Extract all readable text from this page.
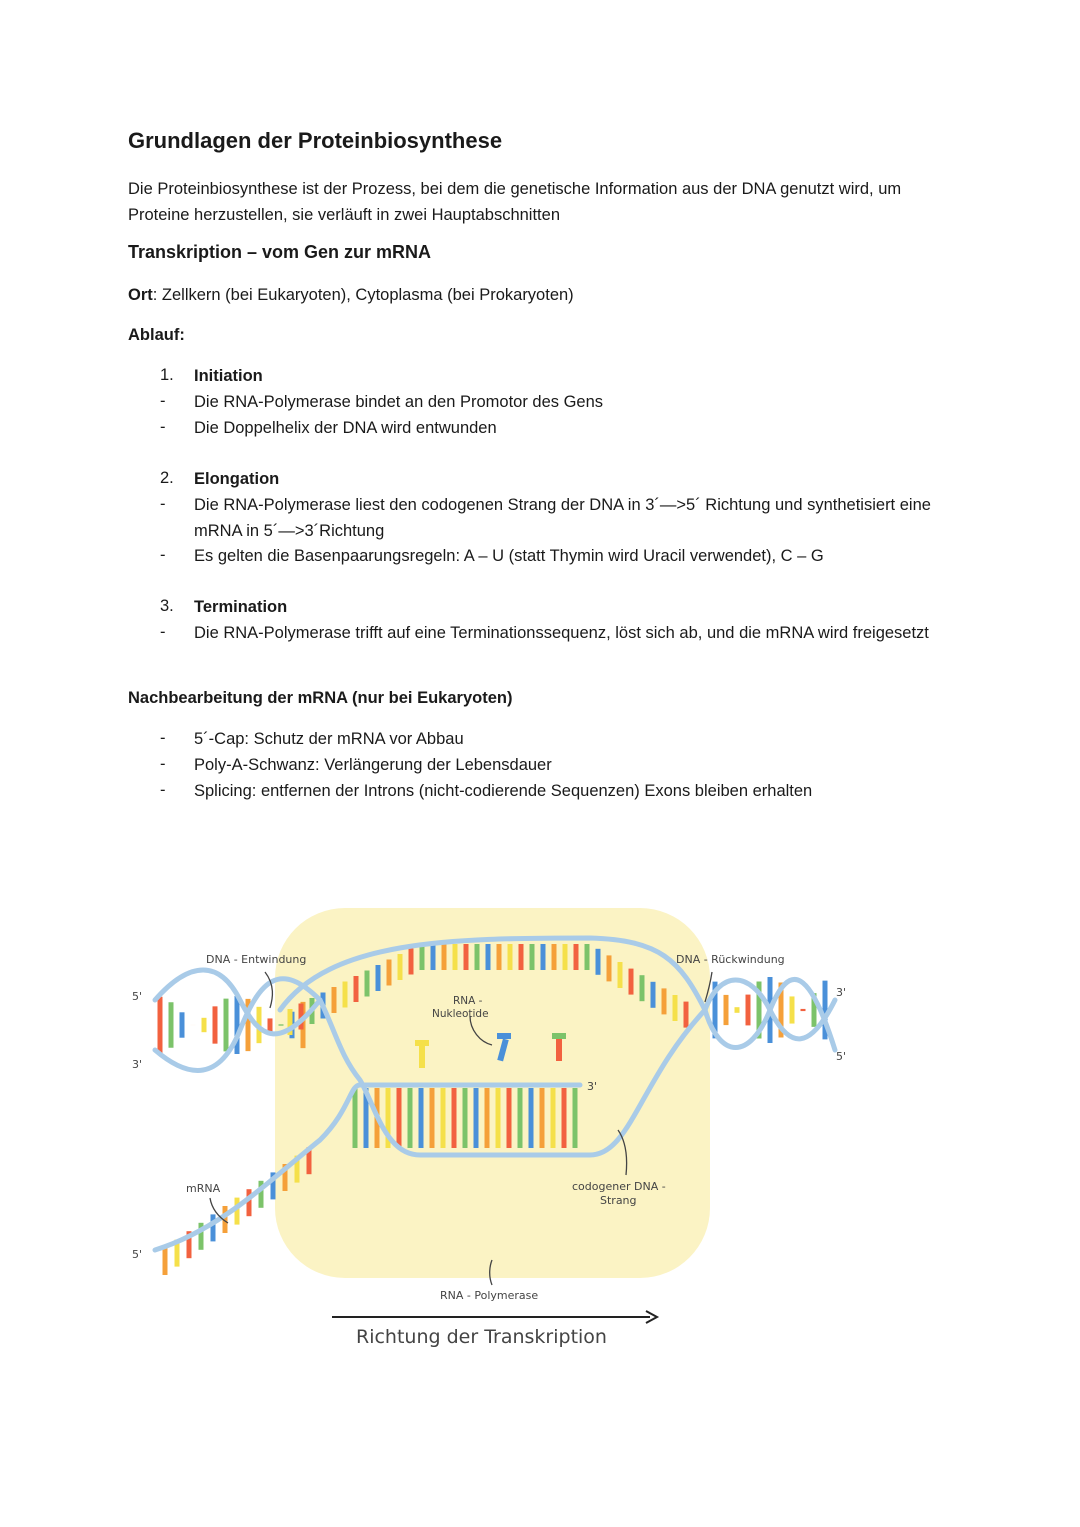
Grundlagen der Proteinbiosynthese

Die Proteinbiosynthese ist der Prozess, bei dem die genetische Information aus der DNA genutzt wird, um Proteine herzustellen, sie verläuft in zwei Hauptabschnitten

Transkription – vom Gen zur mRNA

Ort: Zellkern (bei Eukaryoten), Cytoplasma (bei Prokaryoten)

Ablauf:

1. Initiation
- Die RNA-Polymerase bindet an den Promotor des Gens
- Die Doppelhelix der DNA wird entwunden
2. Elongation
- Die RNA-Polymerase liest den codogenen Strang der DNA in 3´—>5´ Richtung und synthetisiert eine mRNA in 5´—>3´Richtung
- Es gelten die Basenpaarungsregeln: A – U (statt Thymin wird Uracil verwendet), C – G
3. Termination
- Die RNA-Polymerase trifft auf eine Terminationssequenz, löst sich ab, und die mRNA wird freigesetzt

Nachbearbeitung der mRNA (nur bei Eukaryoten)

- 5´-Cap: Schutz der mRNA vor Abbau
- Poly-A-Schwanz: Verlängerung der Lebensdauer
- Splicing: entfernen der Introns (nicht-codierende Sequenzen) Exons bleiben erhalten
DNA - Entwindung	DNA - Rückwindung
RNA -
Nukleotide
mRNA	codogener DNA -
Strang
RNA - Polymerase
Richtung der Transkription
5'
3'
5'
3'
5'
3'
